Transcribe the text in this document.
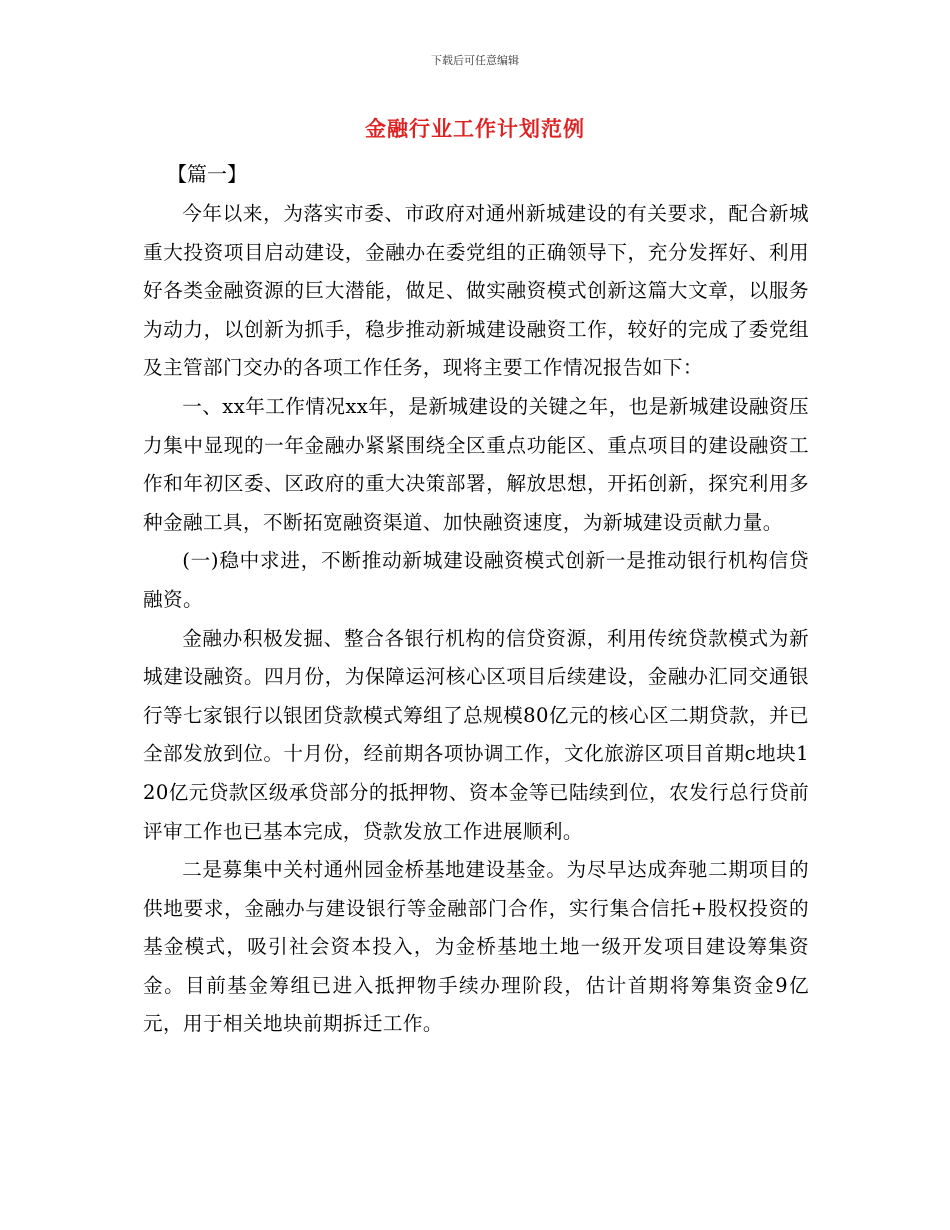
下载后可任意编辑
金融行业工作计划范例
【篇一】

今年以来，为落实市委、市政府对通州新城建设的有关要求，配合新城重大投资项目启动建设，金融办在委党组的正确领导下，充分发挥好、利用好各类金融资源的巨大潜能，做足、做实融资模式创新这篇大文章，以服务为动力，以创新为抓手，稳步推动新城建设融资工作，较好的完成了委党组及主管部门交办的各项工作任务，现将主要工作情况报告如下：

一、xx年工作情况xx年，是新城建设的关键之年，也是新城建设融资压力集中显现的一年金融办紧紧围绕全区重点功能区、重点项目的建设融资工作和年初区委、区政府的重大决策部署，解放思想，开拓创新，探究利用多种金融工具，不断拓宽融资渠道、加快融资速度，为新城建设贡献力量。

(一)稳中求进，不断推动新城建设融资模式创新一是推动银行机构信贷融资。

金融办积极发掘、整合各银行机构的信贷资源，利用传统贷款模式为新城建设融资。四月份，为保障运河核心区项目后续建设，金融办汇同交通银行等七家银行以银团贷款模式筹组了总规模80亿元的核心区二期贷款，并已全部发放到位。十月份，经前期各项协调工作，文化旅游区项目首期c地块120亿元贷款区级承贷部分的抵押物、资本金等已陆续到位，农发行总行贷前评审工作也已基本完成，贷款发放工作进展顺利。

二是募集中关村通州园金桥基地建设基金。为尽早达成奔驰二期项目的供地要求，金融办与建设银行等金融部门合作，实行集合信托+股权投资的基金模式，吸引社会资本投入，为金桥基地土地一级开发项目建设筹集资金。目前基金筹组已进入抵押物手续办理阶段，估计首期将筹集资金9亿元，用于相关地块前期拆迁工作。
